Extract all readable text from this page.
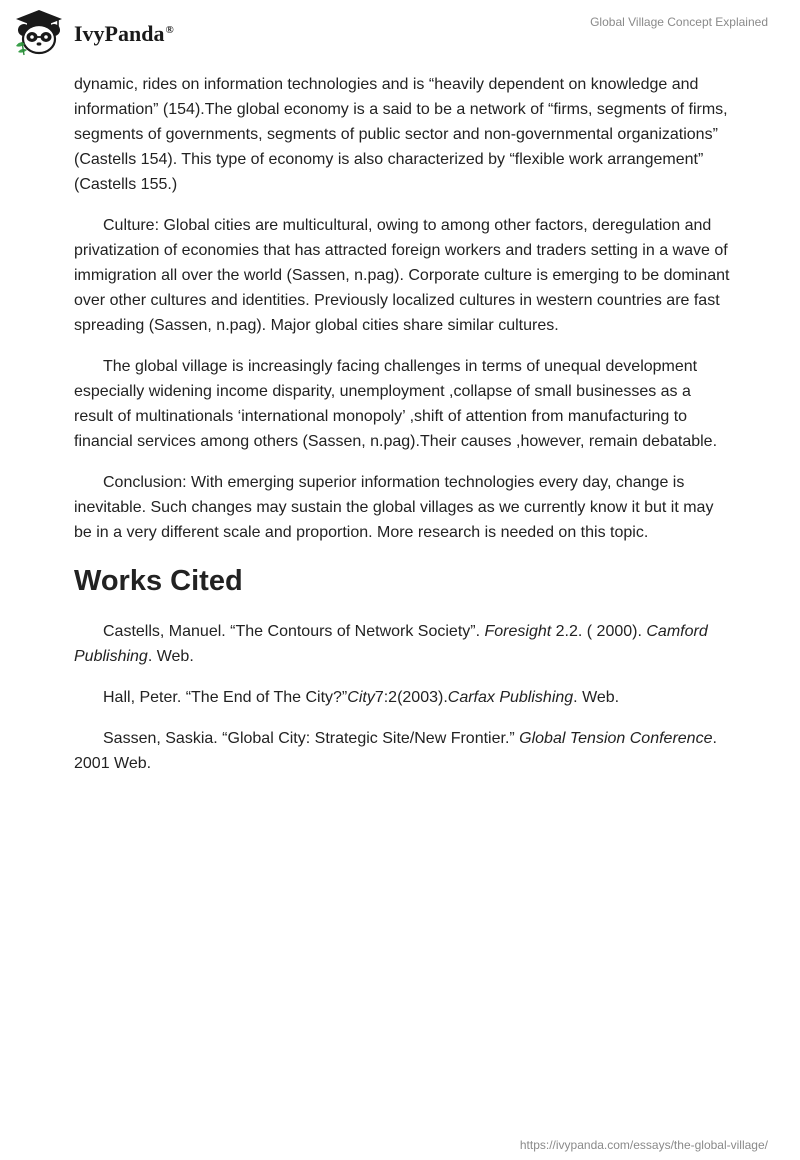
IvyPanda®
Global Village Concept Explained

dynamic, rides on information technologies and is “heavily dependent on knowledge and information” (154).The global economy is a said to be a network of “firms, segments of firms, segments of governments, segments of public sector and non-governmental organizations” (Castells 154). This type of economy is also characterized by “flexible work arrangement” (Castells 155.)

Culture: Global cities are multicultural, owing to among other factors, deregulation and privatization of economies that has attracted foreign workers and traders setting in a wave of immigration all over the world (Sassen, n.pag). Corporate culture is emerging to be dominant over other cultures and identities. Previously localized cultures in western countries are fast spreading (Sassen, n.pag). Major global cities share similar cultures.

The global village is increasingly facing challenges in terms of unequal development especially widening income disparity, unemployment ,collapse of small businesses as a result of multinationals ‘international monopoly’ ,shift of attention from manufacturing to financial services among others (Sassen, n.pag).Their causes ,however, remain debatable.

Conclusion: With emerging superior information technologies every day, change is inevitable. Such changes may sustain the global villages as we currently know it but it may be in a very different scale and proportion. More research is needed on this topic.

Works Cited

Castells, Manuel. “The Contours of Network Society”. Foresight 2.2. ( 2000). Camford Publishing. Web.

Hall, Peter. “The End of The City?”City7:2(2003).Carfax Publishing. Web.

Sassen, Saskia. “Global City: Strategic Site/New Frontier.” Global Tension Conference. 2001 Web.

https://ivypanda.com/essays/the-global-village/
